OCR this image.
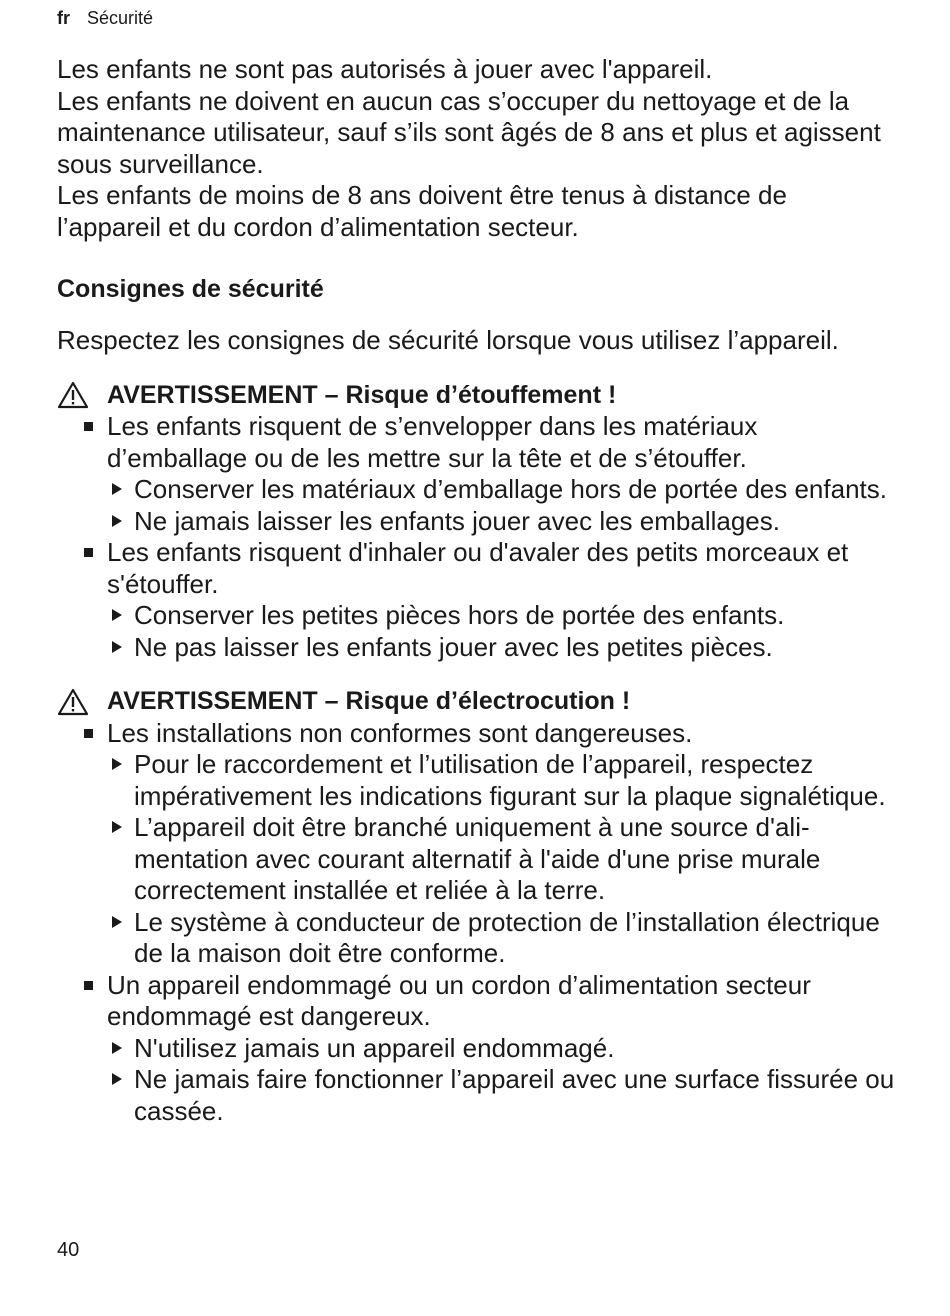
fr Sécurité

Les enfants ne sont pas autorisés à jouer avec l'appareil.

Les enfants ne doivent en aucun cas s’occuper du nettoyage et de la maintenance utilisateur, sauf s’ils sont âgés de 8 ans et plus et agissent sous surveillance.

Les enfants de moins de 8 ans doivent être tenus à distance de l’appareil et du cordon d’alimentation secteur.

Consignes de sécurité

Respectez les consignes de sécurité lorsque vous utilisez l’appareil.

AVERTISSEMENT – Risque d’étouffement !
Les enfants risquent de s’envelopper dans les matériaux d’emballage ou de les mettre sur la tête et de s’étouffer.
Conserver les matériaux d’emballage hors de portée des enfants.
Ne jamais laisser les enfants jouer avec les emballages.
Les enfants risquent d'inhaler ou d'avaler des petits morceaux et s'étouffer.
Conserver les petites pièces hors de portée des enfants.
Ne pas laisser les enfants jouer avec les petites pièces.
AVERTISSEMENT – Risque d’électrocution !
Les installations non conformes sont dangereuses.
Pour le raccordement et l’utilisation de l’appareil, respectez impérativement les indications figurant sur la plaque signalétique.
L’appareil doit être branché uniquement à une source d'alimentation avec courant alternatif à l'aide d'une prise murale correctement installée et reliée à la terre.
Le système à conducteur de protection de l’installation électrique de la maison doit être conforme.
Un appareil endommagé ou un cordon d’alimentation secteur endommagé est dangereux.
N'utilisez jamais un appareil endommagé.
Ne jamais faire fonctionner l’appareil avec une surface fissurée ou cassée.
40
